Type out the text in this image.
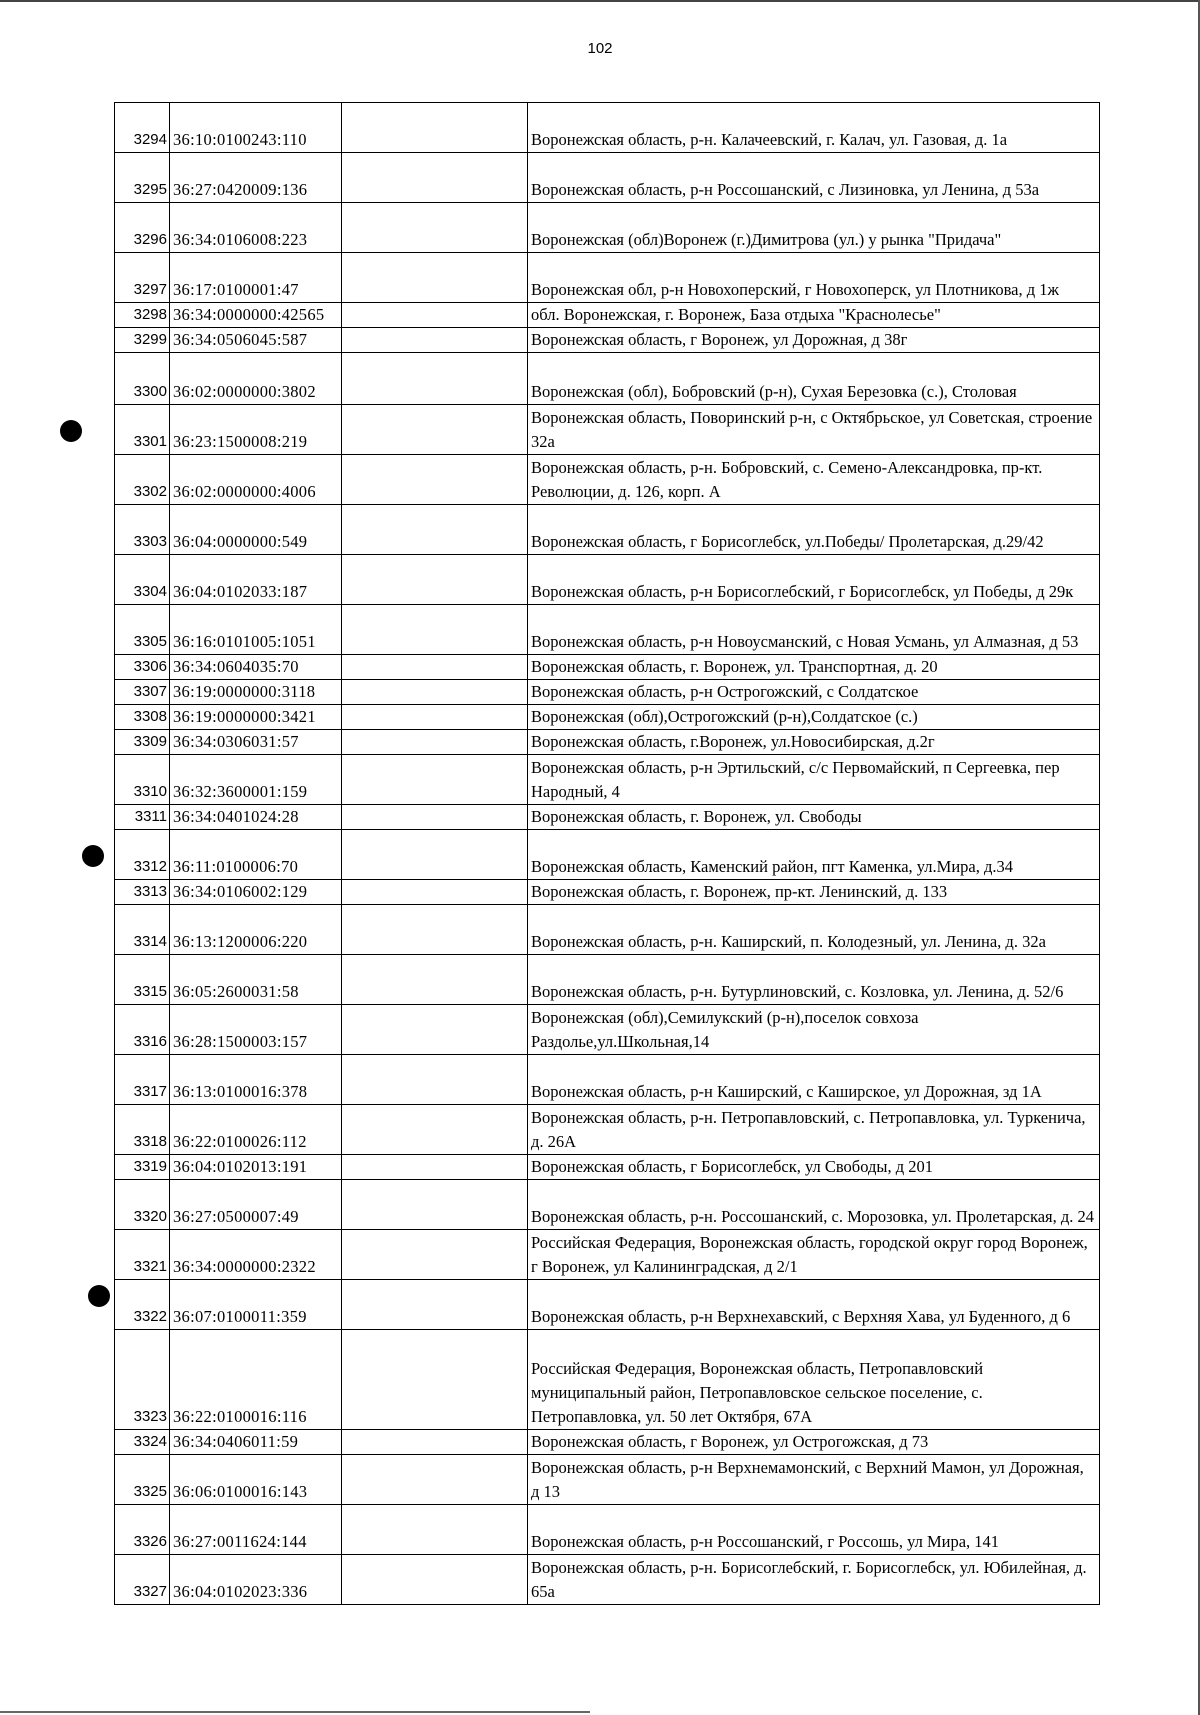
102
3294	36:10:0100243:110		Воронежская область, р-н. Калачеевский, г. Калач, ул. Газовая, д. 1а
3295	36:27:0420009:136		Воронежская область, р-н Россошанский, с Лизиновка, ул Ленина, д 53а
3296	36:34:0106008:223		Воронежская (обл)Воронеж (г.)Димитрова (ул.) у рынка "Придача"
3297	36:17:0100001:47		Воронежская обл, р-н Новохоперский, г Новохоперск, ул Плотникова, д 1ж
3298	36:34:0000000:42565		обл. Воронежская, г. Воронеж, База отдыха "Краснолесье"
3299	36:34:0506045:587		Воронежская область, г Воронеж, ул Дорожная, д 38г
3300	36:02:0000000:3802		Воронежская (обл), Бобровский (р-н), Сухая Березовка (с.), Столовая
3301	36:23:1500008:219		Воронежская область, Поворинский р-н, с Октябрьское, ул Советская, строение 32а
3302	36:02:0000000:4006		Воронежская область, р-н. Бобровский, с. Семено-Александровка, пр-кт. Революции, д. 126, корп. А
3303	36:04:0000000:549		Воронежская область, г Борисоглебск, ул.Победы/ Пролетарская, д.29/42
3304	36:04:0102033:187		Воронежская область, р-н Борисоглебский, г Борисоглебск, ул Победы, д 29к
3305	36:16:0101005:1051		Воронежская область, р-н Новоусманский, с Новая Усмань, ул Алмазная, д 53
3306	36:34:0604035:70		Воронежская область, г. Воронеж, ул. Транспортная, д. 20
3307	36:19:0000000:3118		Воронежская область, р-н Острогожский, с Солдатское
3308	36:19:0000000:3421		Воронежская (обл),Острогожский (р-н),Солдатское (с.)
3309	36:34:0306031:57		Воронежская область, г.Воронеж, ул.Новосибирская, д.2г
3310	36:32:3600001:159		Воронежская область, р-н Эртильский, с/с Первомайский, п Сергеевка, пер Народный, 4
3311	36:34:0401024:28		Воронежская область, г. Воронеж, ул. Свободы
3312	36:11:0100006:70		Воронежская область, Каменский район, пгт Каменка, ул.Мира, д.34
3313	36:34:0106002:129		Воронежская область, г. Воронеж, пр-кт. Ленинский, д. 133
3314	36:13:1200006:220		Воронежская область, р-н. Каширский, п. Колодезный, ул. Ленина, д. 32а
3315	36:05:2600031:58		Воронежская область, р-н. Бутурлиновский, с. Козловка, ул. Ленина, д. 52/6
3316	36:28:1500003:157		Воронежская (обл),Семилукский (р-н),поселок совхоза Раздолье,ул.Школьная,14
3317	36:13:0100016:378		Воронежская область, р-н Каширский, с Каширское, ул Дорожная, зд 1А
3318	36:22:0100026:112		Воронежская область, р-н. Петропавловский, с. Петропавловка, ул. Туркенича, д. 26А
3319	36:04:0102013:191		Воронежская область, г Борисоглебск, ул Свободы, д 201
3320	36:27:0500007:49		Воронежская область, р-н. Россошанский, с. Морозовка, ул. Пролетарская, д. 24
3321	36:34:0000000:2322		Российская Федерация, Воронежская область, городской округ город Воронеж, г Воронеж, ул Калининградская, д 2/1
3322	36:07:0100011:359		Воронежская область, р-н Верхнехавский, с Верхняя Хава, ул Буденного, д 6
3323	36:22:0100016:116		Российская Федерация, Воронежская область, Петропавловский муниципальный район, Петропавловское сельское поселение, с. Петропавловка, ул. 50 лет Октября, 67А
3324	36:34:0406011:59		Воронежская область, г Воронеж, ул Острогожская, д 73
3325	36:06:0100016:143		Воронежская область, р-н Верхнемамонский, с Верхний Мамон, ул Дорожная, д 13
3326	36:27:0011624:144		Воронежская область, р-н Россошанский, г Россошь, ул Мира, 141
3327	36:04:0102023:336		Воронежская область, р-н. Борисоглебский, г. Борисоглебск, ул. Юбилейная, д. 65а
